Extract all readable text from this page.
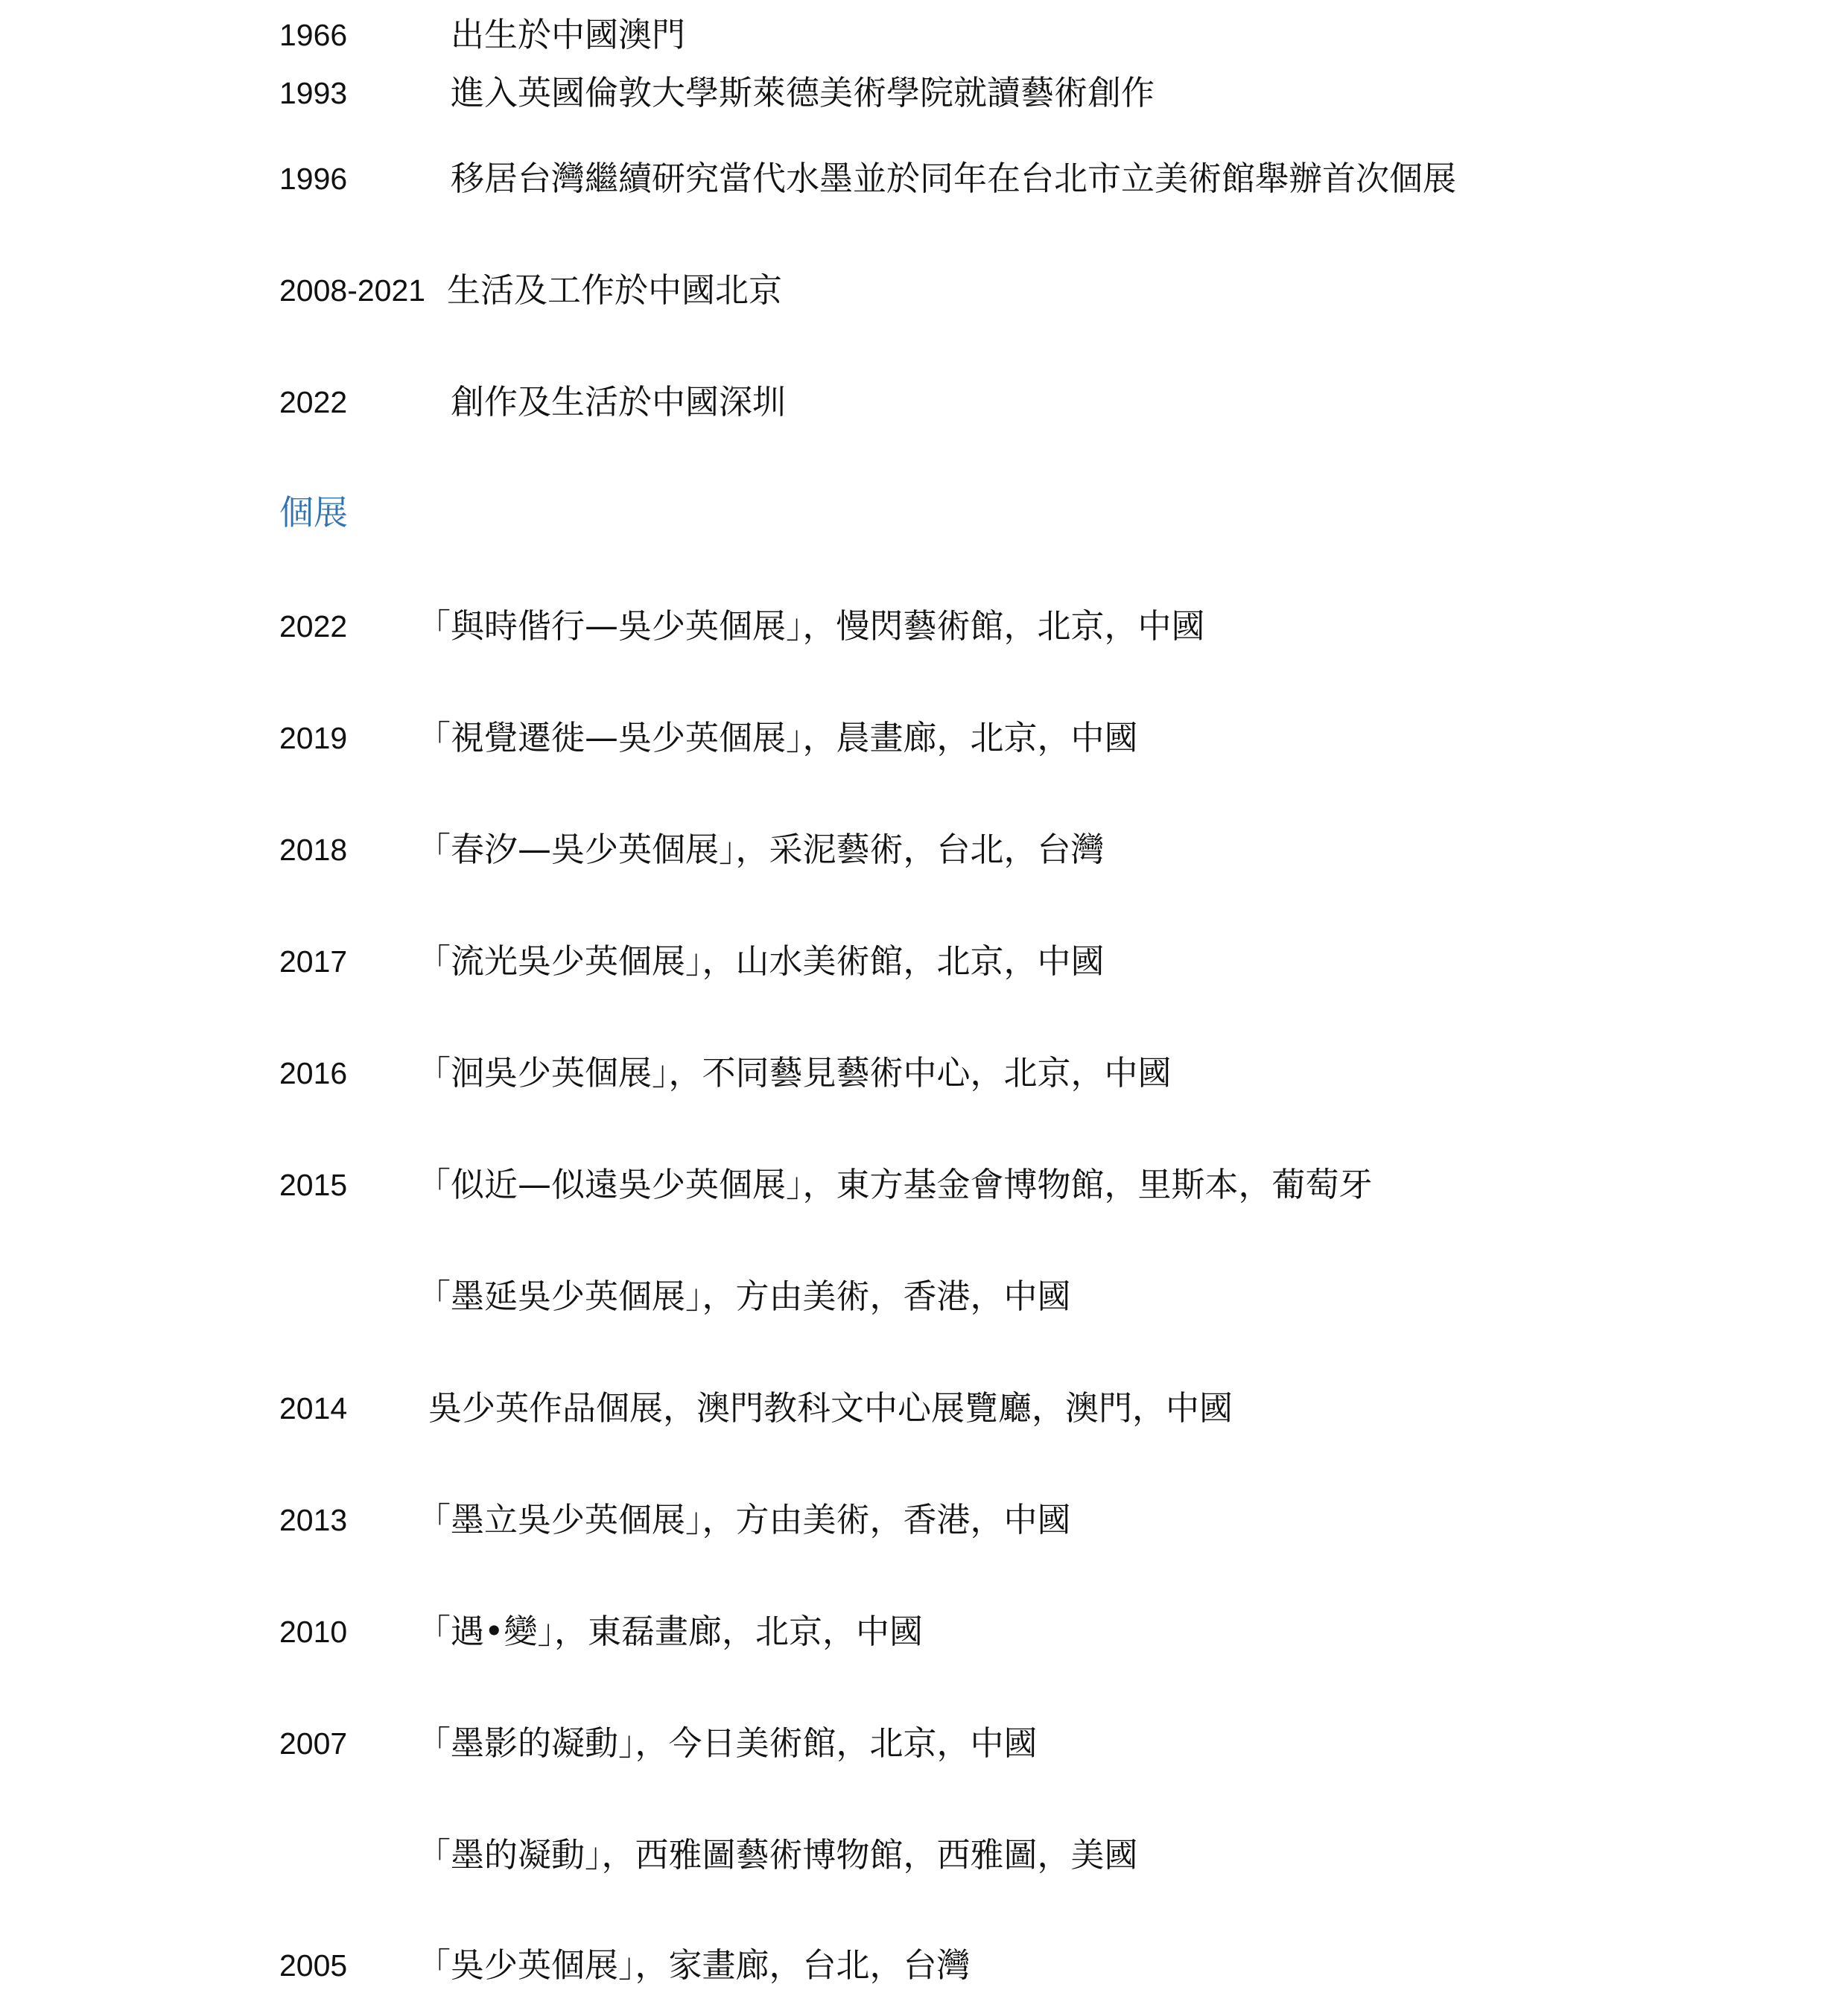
1966	出生於中國澳門
1993	進入英國倫敦大學斯萊德美術學院就讀藝術創作
1996	移居台灣繼續研究當代水墨並於同年在台北市立美術館舉辦首次個展
2008-2021 生活及工作於中國北京
2022	創作及生活於中國深圳
個展
2022 「與時偕行—吳少英個展」，慢閃藝術館，北京，中國
2019 「視覺遷徙—吳少英個展」，晨畫廊，北京，中國
2018 「春汐—吳少英個展」，采泥藝術，台北，台灣
2017 「流光吳少英個展」，山水美術館，北京，中國
2016 「洄吳少英個展」，不同藝見藝術中心，北京，中國
2015 「似近—似遠吳少英個展」，東方基金會博物館，里斯本，葡萄牙
「墨延吳少英個展」，方由美術，香港，中國
2014 吳少英作品個展，澳門教科文中心展覽廳，澳門，中國
2013 「墨立吳少英個展」，方由美術，香港，中國
2010 「遇•變」，東磊畫廊，北京，中國
2007 「墨影的凝動」，今日美術館，北京，中國
「墨的凝動」，西雅圖藝術博物館，西雅圖，美國
2005 「吳少英個展」，家畫廊，台北，台灣
